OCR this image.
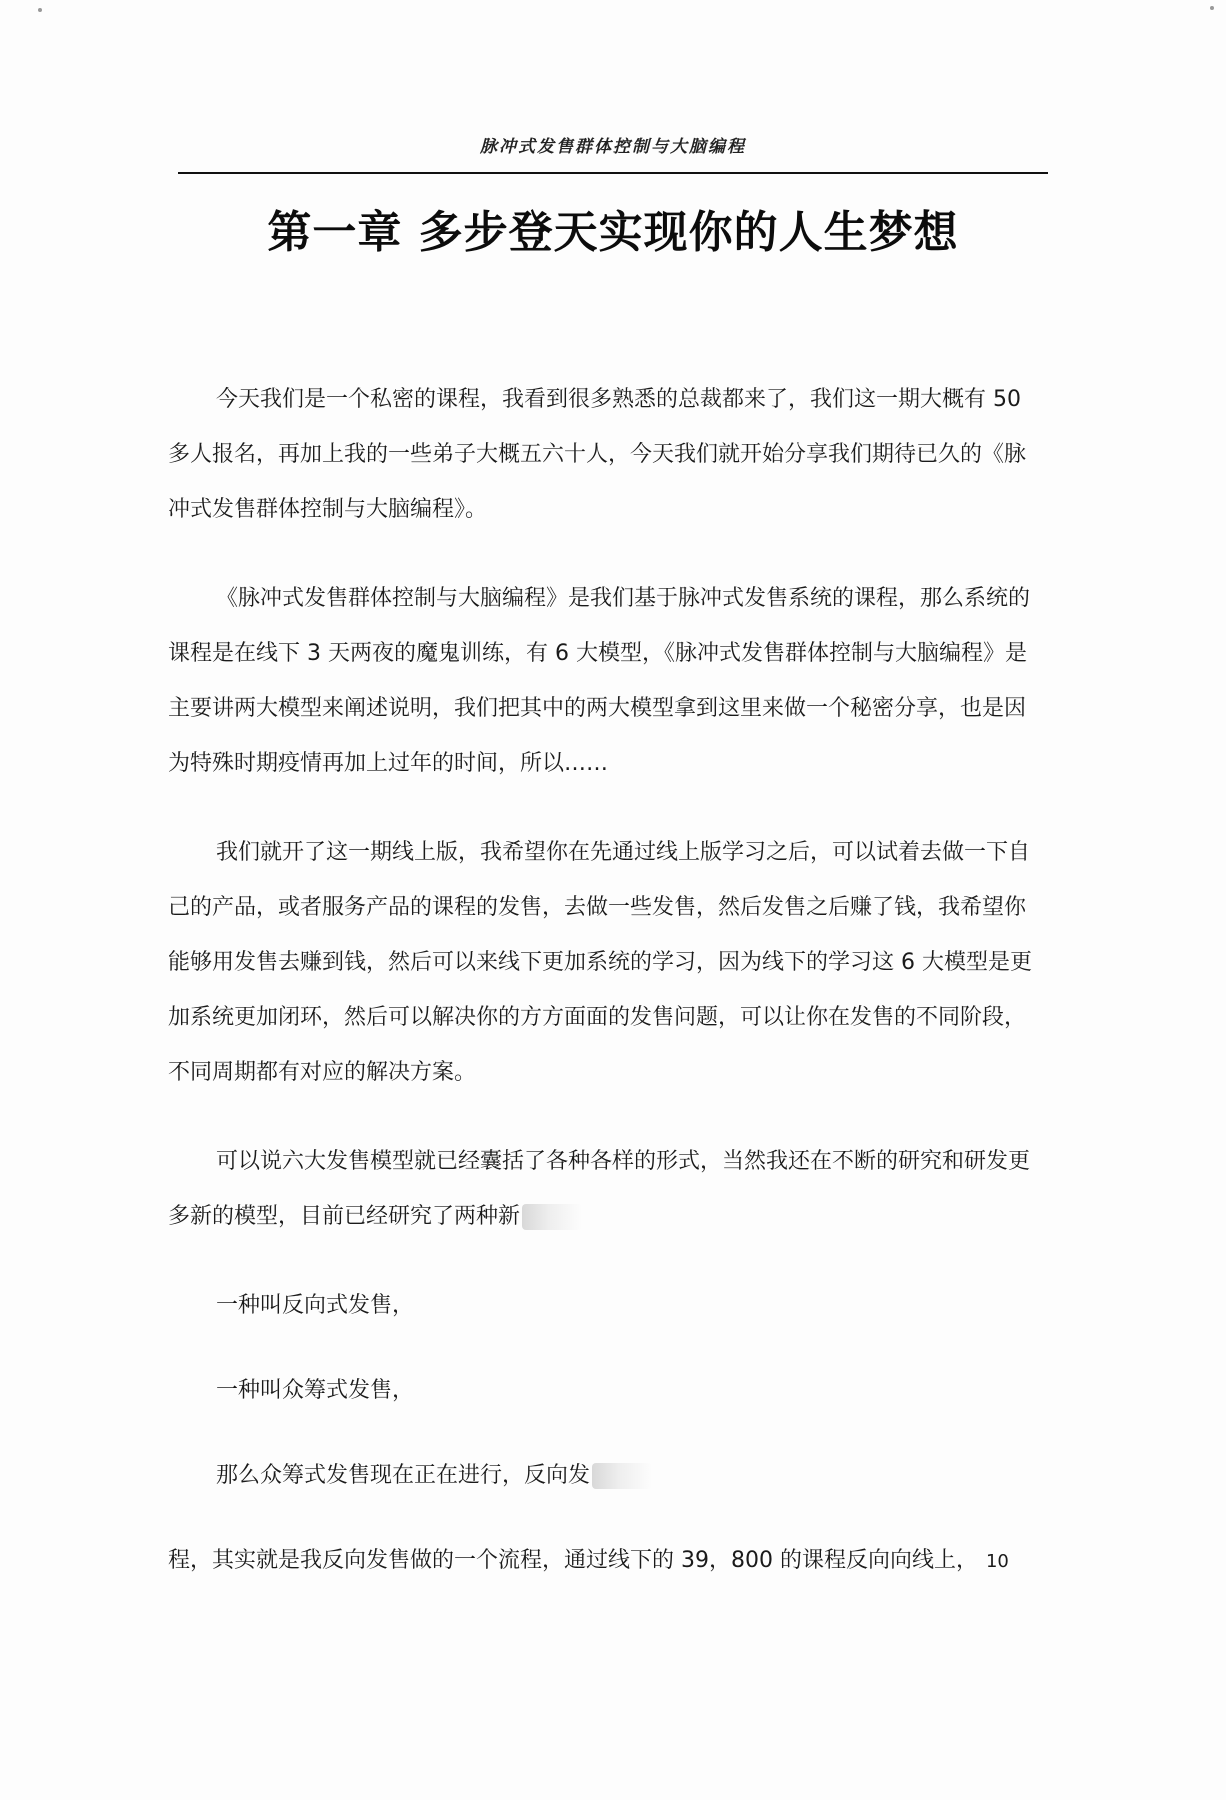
脉冲式发售群体控制与大脑编程
第一章 多步登天实现你的人生梦想

今天我们是一个私密的课程，我看到很多熟悉的总裁都来了，我们这一期大概有 50 多人报名，再加上我的一些弟子大概五六十人，今天我们就开始分享我们期待已久的《脉冲式发售群体控制与大脑编程》。

《脉冲式发售群体控制与大脑编程》是我们基于脉冲式发售系统的课程，那么系统的课程是在线下 3 天两夜的魔鬼训练，有 6 大模型，《脉冲式发售群体控制与大脑编程》是主要讲两大模型来阐述说明，我们把其中的两大模型拿到这里来做一个秘密分享，也是因为特殊时期疫情再加上过年的时间，所以……

我们就开了这一期线上版，我希望你在先通过线上版学习之后，可以试着去做一下自己的产品，或者服务产品的课程的发售，去做一些发售，然后发售之后赚了钱，我希望你能够用发售去赚到钱，然后可以来线下更加系统的学习，因为线下的学习这 6 大模型是更加系统更加闭环，然后可以解决你的方方面面的发售问题，可以让你在发售的不同阶段，不同周期都有对应的解决方案。

可以说六大发售模型就已经囊括了各种各样的形式，当然我还在不断的研究和研发更多新的模型，目前已经研究了两种新

一种叫反向式发售，

一种叫众筹式发售，

那么众筹式发售现在正在进行，反向发

程，其实就是我反向发售做的一个流程，通过线下的 39，800 的课程反向向线上， 10
